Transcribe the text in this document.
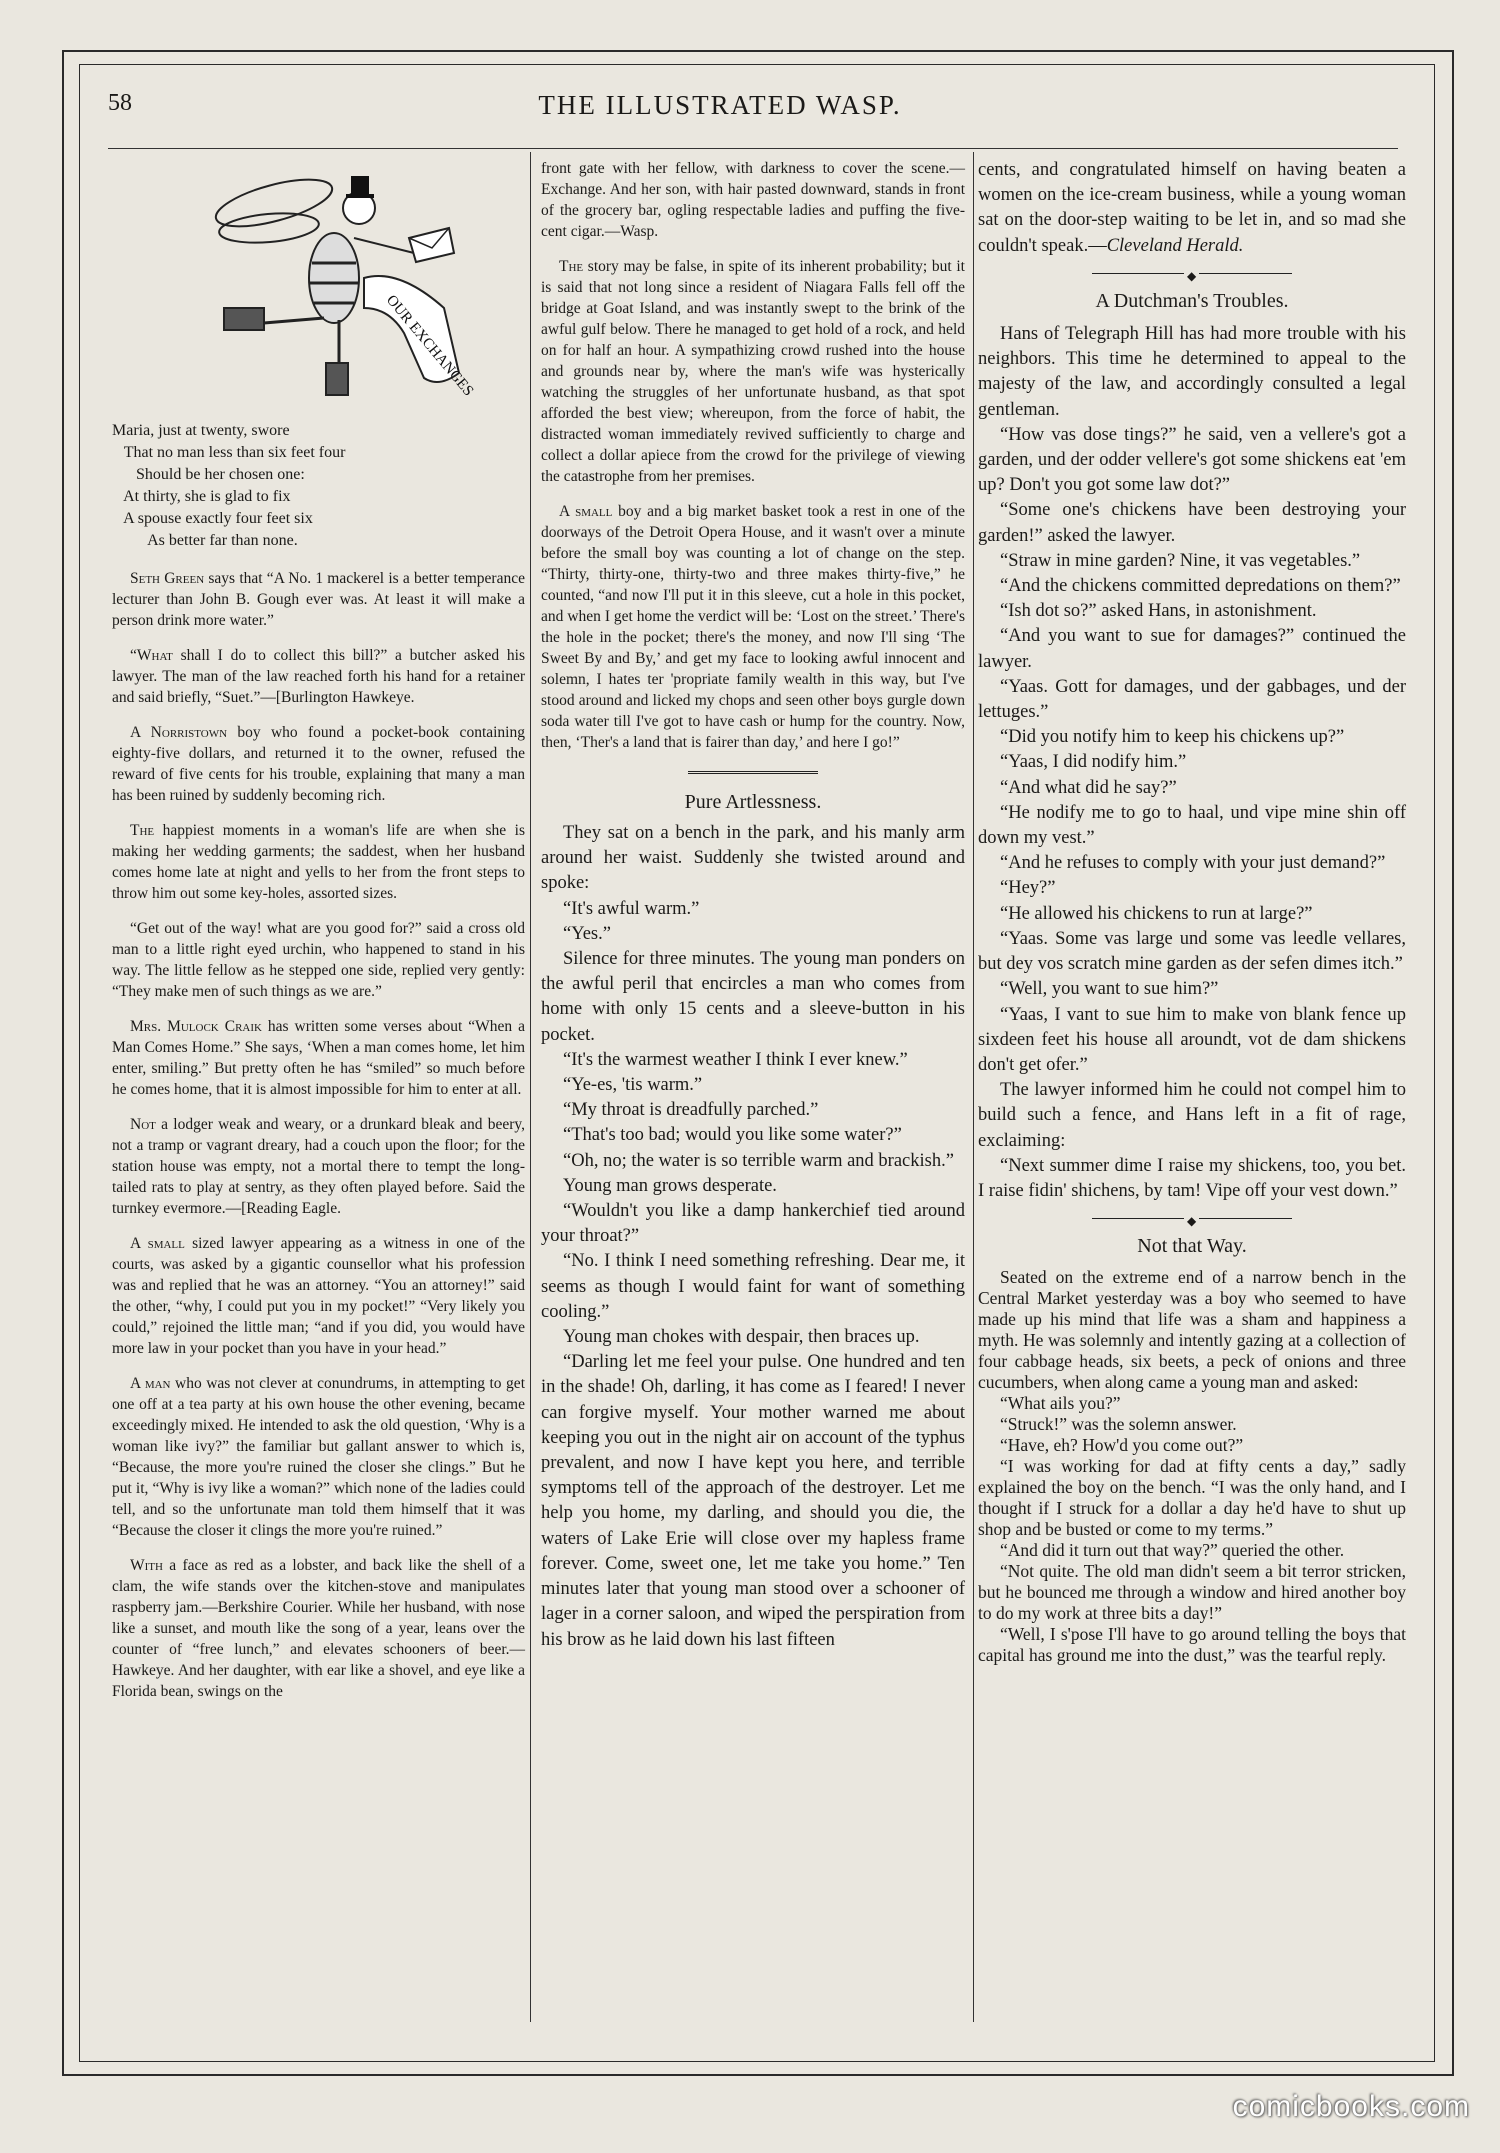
58	THE ILLUSTRATED WASP.
OUR EXCHANGES
Maria, just at twenty, swore
That no man less than six feet four
Should be her chosen one:
At thirty, she is glad to fix
A spouse exactly four feet six
As better far than none.

Seth Green says that “A No. 1 mackerel is a better temperance lecturer than John B. Gough ever was. At least it will make a person drink more water.”

“What shall I do to collect this bill?” a butcher asked his lawyer. The man of the law reached forth his hand for a retainer and said briefly, “Suet.”—[Burlington Hawkeye.

A Norristown boy who found a pocket-book containing eighty-five dollars, and returned it to the owner, refused the reward of five cents for his trouble, explaining that many a man has been ruined by suddenly becoming rich.

The happiest moments in a woman's life are when she is making her wedding garments; the saddest, when her husband comes home late at night and yells to her from the front steps to throw him out some key-holes, assorted sizes.

“Get out of the way! what are you good for?” said a cross old man to a little right eyed urchin, who happened to stand in his way. The little fellow as he stepped one side, replied very gently: “They make men of such things as we are.”

Mrs. Mulock Craik has written some verses about “When a Man Comes Home.” She says, ‘When a man comes home, let him enter, smiling.” But pretty often he has “smiled” so much before he comes home, that it is almost impossible for him to enter at all.

Not a lodger weak and weary, or a drunkard bleak and beery, not a tramp or vagrant dreary, had a couch upon the floor; for the station house was empty, not a mortal there to tempt the long-tailed rats to play at sentry, as they often played before. Said the turnkey evermore.—[Reading Eagle.

A small sized lawyer appearing as a witness in one of the courts, was asked by a gigantic counsellor what his profession was and replied that he was an attorney. “You an attorney!” said the other, “why, I could put you in my pocket!” “Very likely you could,” rejoined the little man; “and if you did, you would have more law in your pocket than you have in your head.”

A man who was not clever at conundrums, in attempting to get one off at a tea party at his own house the other evening, became exceedingly mixed. He intended to ask the old question, ‘Why is a woman like ivy?” the familiar but gallant answer to which is, “Because, the more you're ruined the closer she clings.” But he put it, “Why is ivy like a woman?” which none of the ladies could tell, and so the unfortunate man told them himself that it was “Because the closer it clings the more you're ruined.”

With a face as red as a lobster, and back like the shell of a clam, the wife stands over the kitchen-stove and manipulates raspberry jam.—Berkshire Courier. While her husband, with nose like a sunset, and mouth like the song of a year, leans over the counter of “free lunch,” and elevates schooners of beer.—Hawkeye. And her daughter, with ear like a shovel, and eye like a Florida bean, swings on the

front gate with her fellow, with darkness to cover the scene.—Exchange. And her son, with hair pasted downward, stands in front of the grocery bar, ogling respectable ladies and puffing the five-cent cigar.—Wasp.

The story may be false, in spite of its inherent probability; but it is said that not long since a resident of Niagara Falls fell off the bridge at Goat Island, and was instantly swept to the brink of the awful gulf below. There he managed to get hold of a rock, and held on for half an hour. A sympathizing crowd rushed into the house and grounds near by, where the man's wife was hysterically watching the struggles of her unfortunate husband, as that spot afforded the best view; whereupon, from the force of habit, the distracted woman immediately revived sufficiently to charge and collect a dollar apiece from the crowd for the privilege of viewing the catastrophe from her premises.

A small boy and a big market basket took a rest in one of the doorways of the Detroit Opera House, and it wasn't over a minute before the small boy was counting a lot of change on the step. “Thirty, thirty-one, thirty-two and three makes thirty-five,” he counted, “and now I'll put it in this sleeve, cut a hole in this pocket, and when I get home the verdict will be: ‘Lost on the street.’ There's the hole in the pocket; there's the money, and now I'll sing ‘The Sweet By and By,’ and get my face to looking awful innocent and solemn, I hates ter 'propriate family wealth in this way, but I've stood around and licked my chops and seen other boys gurgle down soda water till I've got to have cash or hump for the country. Now, then, ‘Ther's a land that is fairer than day,’ and here I go!”

Pure Artlessness.

They sat on a bench in the park, and his manly arm around her waist. Suddenly she twisted around and spoke:

“It's awful warm.”

“Yes.”

Silence for three minutes. The young man ponders on the awful peril that encircles a man who comes from home with only 15 cents and a sleeve-button in his pocket.

“It's the warmest weather I think I ever knew.”

“Ye-es, 'tis warm.”

“My throat is dreadfully parched.”

“That's too bad; would you like some water?”

“Oh, no; the water is so terrible warm and brackish.”

Young man grows desperate.

“Wouldn't you like a damp hankerchief tied around your throat?”

“No. I think I need something refreshing. Dear me, it seems as though I would faint for want of something cooling.”

Young man chokes with despair, then braces up.

“Darling let me feel your pulse. One hundred and ten in the shade! Oh, darling, it has come as I feared! I never can forgive myself. Your mother warned me about keeping you out in the night air on account of the typhus prevalent, and now I have kept you here, and terrible symptoms tell of the approach of the destroyer. Let me help you home, my darling, and should you die, the waters of Lake Erie will close over my hapless frame forever. Come, sweet one, let me take you home.” Ten minutes later that young man stood over a schooner of lager in a corner saloon, and wiped the perspiration from his brow as he laid down his last fifteen

cents, and congratulated himself on having beaten a women on the ice-cream business, while a young woman sat on the door-step waiting to be let in, and so mad she couldn't speak.—Cleveland Herald.

◆
A Dutchman's Troubles.

Hans of Telegraph Hill has had more trouble with his neighbors. This time he determined to appeal to the majesty of the law, and accordingly consulted a legal gentleman.

“How vas dose tings?” he said, ven a vellere's got a garden, und der odder vellere's got some shickens eat 'em up? Don't you got some law dot?”

“Some one's chickens have been destroying your garden!” asked the lawyer.

“Straw in mine garden? Nine, it vas vegetables.”

“And the chickens committed depredations on them?”

“Ish dot so?” asked Hans, in astonishment.

“And you want to sue for damages?” continued the lawyer.

“Yaas. Gott for damages, und der gabbages, und der lettuges.”

“Did you notify him to keep his chickens up?”

“Yaas, I did nodify him.”

“And what did he say?”

“He nodify me to go to haal, und vipe mine shin off down my vest.”

“And he refuses to comply with your just demand?”

“Hey?”

“He allowed his chickens to run at large?”

“Yaas. Some vas large und some vas leedle vellares, but dey vos scratch mine garden as der sefen dimes itch.”

“Well, you want to sue him?”

“Yaas, I vant to sue him to make von blank fence up sixdeen feet his house all aroundt, vot de dam shickens don't get ofer.”

The lawyer informed him he could not compel him to build such a fence, and Hans left in a fit of rage, exclaiming:

“Next summer dime I raise my shickens, too, you bet. I raise fidin' shichens, by tam! Vipe off your vest down.”

◆
Not that Way.

Seated on the extreme end of a narrow bench in the Central Market yesterday was a boy who seemed to have made up his mind that life was a sham and happiness a myth. He was solemnly and intently gazing at a collection of four cabbage heads, six beets, a peck of onions and three cucumbers, when along came a young man and asked:

“What ails you?”

“Struck!” was the solemn answer.

“Have, eh? How'd you come out?”

“I was working for dad at fifty cents a day,” sadly explained the boy on the bench. “I was the only hand, and I thought if I struck for a dollar a day he'd have to shut up shop and be busted or come to my terms.”

“And did it turn out that way?” queried the other.

“Not quite. The old man didn't seem a bit terror stricken, but he bounced me through a window and hired another boy to do my work at three bits a day!”

“Well, I s'pose I'll have to go around telling the boys that capital has ground me into the dust,” was the tearful reply.

comicbooks.com
